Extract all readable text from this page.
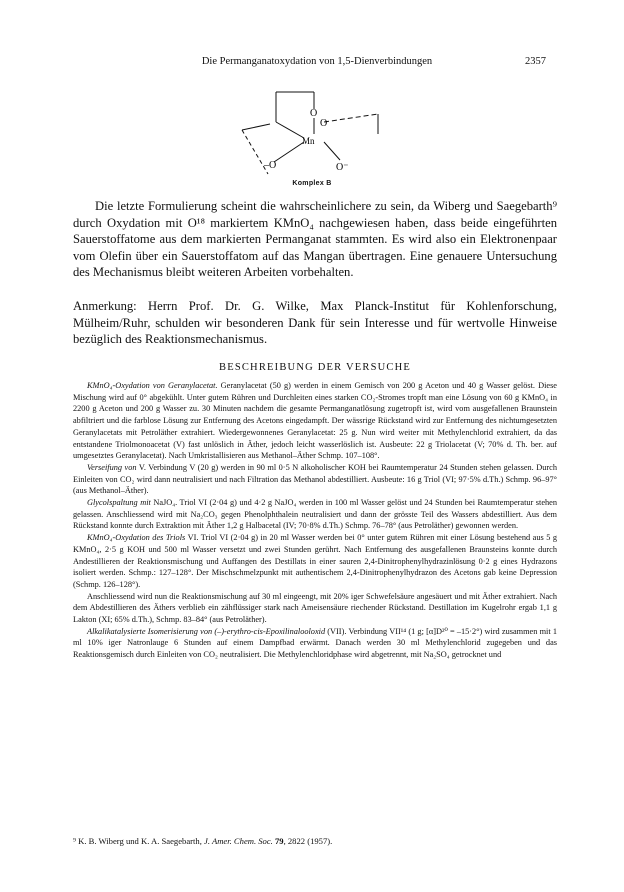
Die Permanganatoxydation von 1,5-Dienverbindungen	2357
O
O
Mn
–O	O⁻
Komplex B

Die letzte Formulierung scheint die wahrscheinlichere zu sein, da Wiberg und Saegebarth⁹ durch Oxydation mit O¹⁸ markiertem KMnO₄ nachgewiesen haben, dass beide eingeführten Sauerstoffatome aus dem markierten Permanganat stammten. Es wird also ein Elektronenpaar vom Olefin über ein Sauerstoffatom auf das Mangan übertragen. Eine genauere Untersuchung des Mechanismus bleibt weiteren Arbeiten vorbehalten.

Anmerkung: Herrn Prof. Dr. G. Wilke, Max Planck-Institut für Kohlenforschung, Mülheim/Ruhr, schulden wir besonderen Dank für sein Interesse und für wertvolle Hinweise bezüglich des Reaktionsmechanismus.

BESCHREIBUNG DER VERSUCHE

KMnO₄-Oxydation von Geranylacetat. Geranylacetat (50 g) werden in einem Gemisch von 200 g Aceton und 40 g Wasser gelöst. Diese Mischung wird auf 0° abgekühlt. Unter gutem Rühren und Durchleiten eines starken CO₂-Stromes tropft man eine Lösung von 60 g KMnO₄ in 2200 g Aceton und 200 g Wasser zu. 30 Minuten nachdem die gesamte Permanganatlösung zugetropft ist, wird vom ausgefallenen Braunstein abfiltriert und die farblose Lösung zur Entfernung des Acetons eingedampft. Der wässrige Rückstand wird zur Entfernung des nichtumgesetzten Geranylacetats mit Petroläther extrahiert. Wiedergewonnenes Geranylacetat: 25 g. Nun wird weiter mit Methylenchlorid extrahiert, da das entstandene Triolmonoacetat (V) fast unlöslich in Äther, jedoch leicht wasserlöslich ist. Ausbeute: 22 g Triolacetat (V; 70% d. Th. ber. auf umgesetztes Geranylacetat). Nach Umkristallisieren aus Methanol–Äther Schmp. 107–108°.

Verseifung von V. Verbindung V (20 g) werden in 90 ml 0·5 N alkoholischer KOH bei Raumtemperatur 24 Stunden stehen gelassen. Durch Einleiten von CO₂ wird dann neutralisiert und nach Filtration das Methanol abdestilliert. Ausbeute: 16 g Triol (VI; 97·5% d.Th.) Schmp. 96–97° (aus Methanol–Äther).

Glycolspaltung mit NaJO₄. Triol VI (2·04 g) und 4·2 g NaJO₄ werden in 100 ml Wasser gelöst und 24 Stunden bei Raumtemperatur stehen gelassen. Anschliessend wird mit Na₂CO₃ gegen Phenolphthalein neutralisiert und dann der grösste Teil des Wassers abdestilliert. Aus dem Rückstand konnte durch Extraktion mit Äther 1,2 g Halbacetal (IV; 70·8% d.Th.) Schmp. 76–78° (aus Petroläther) gewonnen werden.

KMnO₄-Oxydation des Triols VI. Triol VI (2·04 g) in 20 ml Wasser werden bei 0° unter gutem Rühren mit einer Lösung bestehend aus 5 g KMnO₄, 2·5 g KOH und 500 ml Wasser versetzt und zwei Stunden gerührt. Nach Entfernung des ausgefallenen Braunsteins konnte durch Andestillieren der Reaktionsmischung und Auffangen des Destillats in einer sauren 2,4-Dinitrophenylhydrazinlösung 0·2 g eines Hydrazons isoliert werden. Schmp.: 127–128°. Der Mischschmelzpunkt mit authentischem 2,4-Dinitrophenylhydrazon des Acetons gab keine Depression (Schmp. 126–128°).

Anschliessend wird nun die Reaktionsmischung auf 30 ml eingeengt, mit 20% iger Schwefelsäure angesäuert und mit Äther extrahiert. Nach dem Abdestillieren des Äthers verblieb ein zähflüssiger stark nach Ameisensäure riechender Rückstand. Destillation im Kugelrohr ergab 1,1 g Lakton (XI; 65% d.Th.), Schmp. 83–84° (aus Petroläther).

Alkalikatalysierte Isomerisierung von (–)-erythro-cis-Epoxilinalooloxid (VII). Verbindung VII¹⁴ (1 g; [α]D²⁰ = –15·2°) wird zusammen mit 1 ml 10% iger Natronlauge 6 Stunden auf einem Dampfbad erwärmt. Danach werden 30 ml Methylenchlorid zugegeben und das Reaktionsgemisch durch Einleiten von CO₂ neutralisiert. Die Methylenchloridphase wird abgetrennt, mit Na₂SO₄ getrocknet und

⁹ K. B. Wiberg und K. A. Saegebarth, J. Amer. Chem. Soc. 79, 2822 (1957).
